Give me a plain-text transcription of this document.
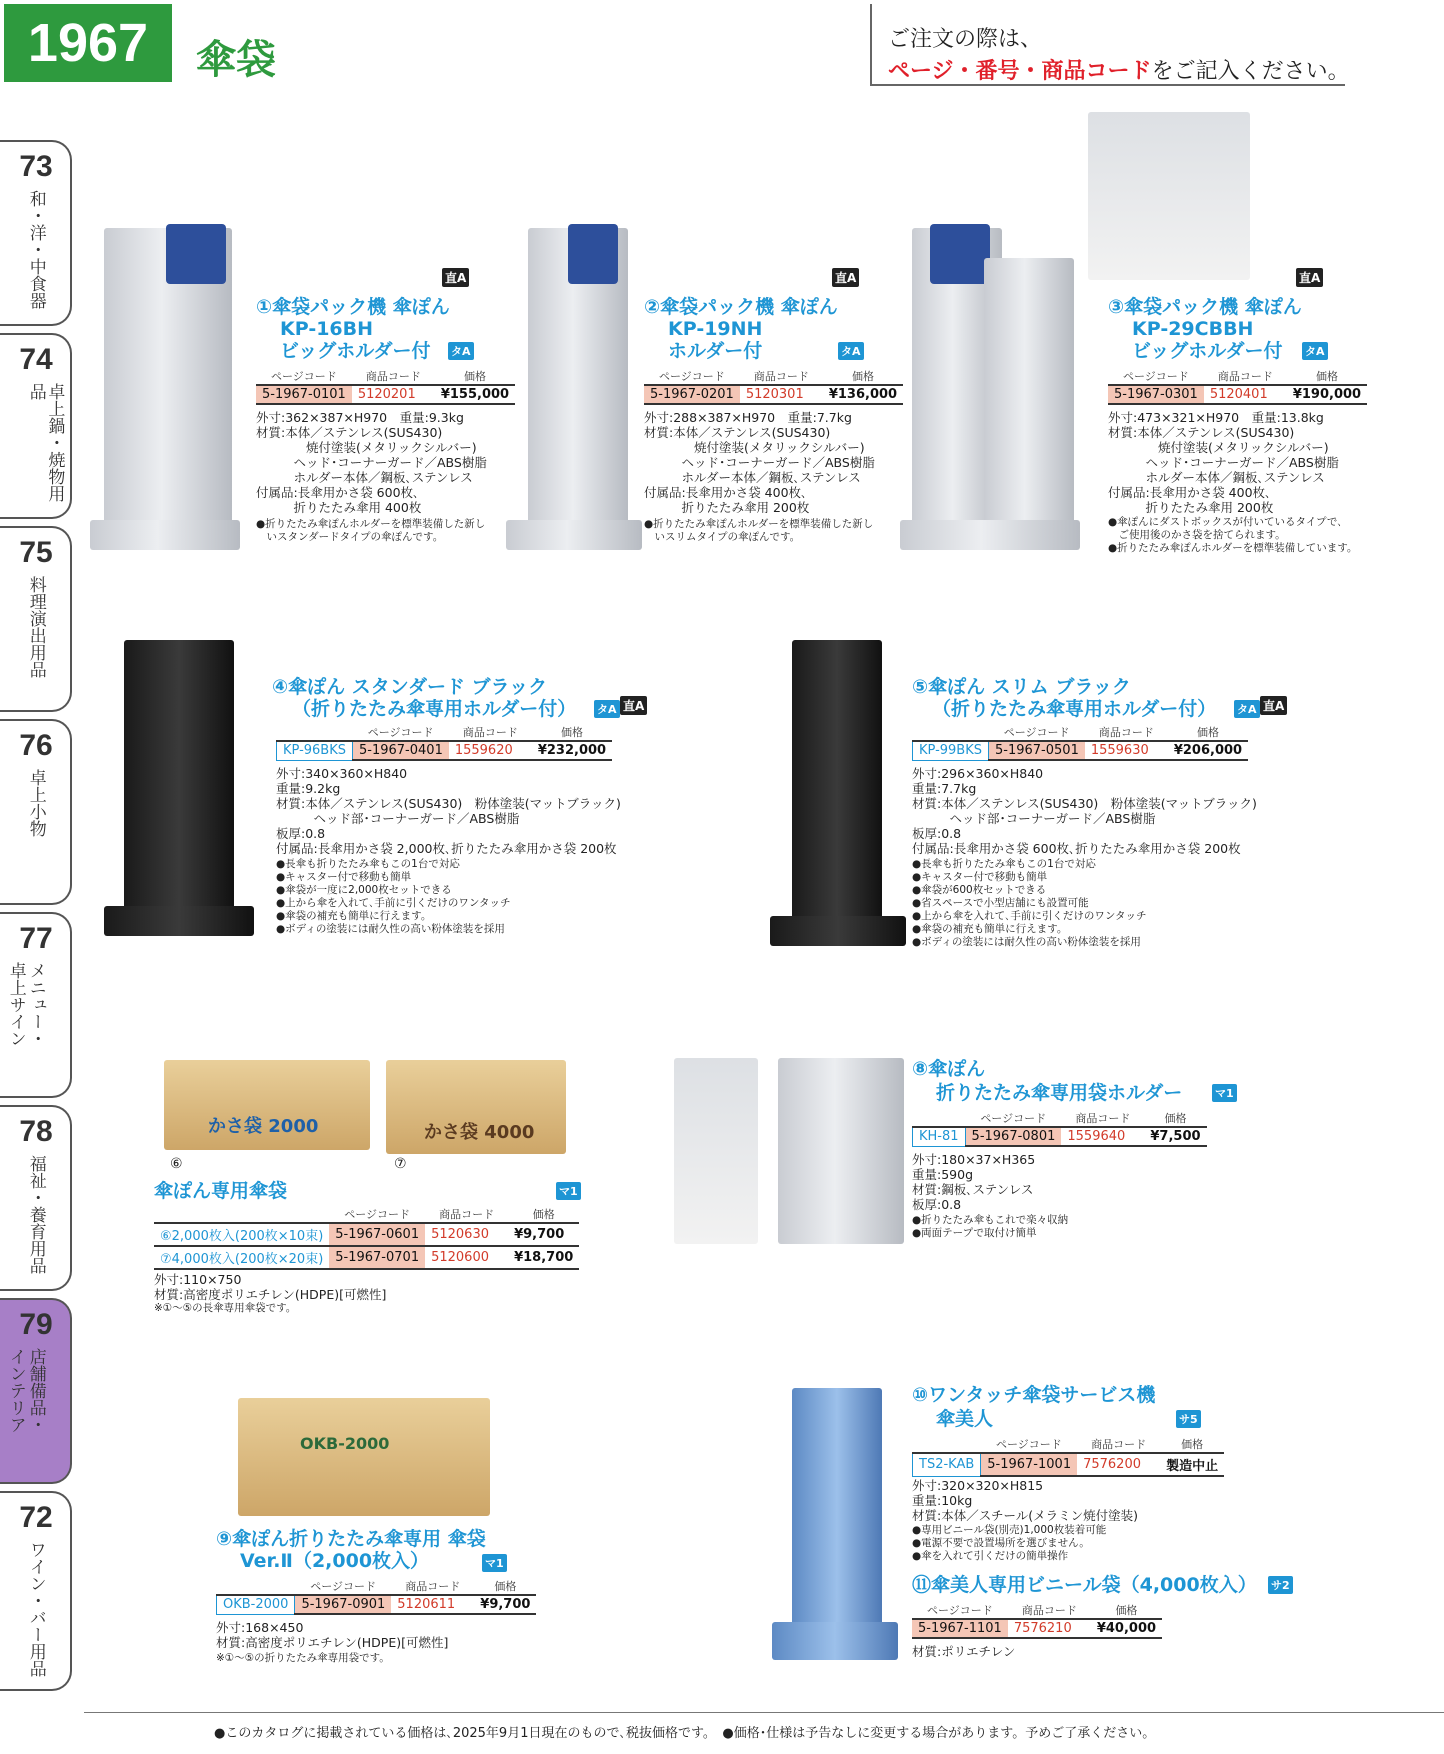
1967	傘袋	ご注文の際は、
ページ・番号・商品コードをご記入ください。
73
和・洋・中食器
74
卓上鍋・焼物用品
75
料理演出用品
76
卓上小物
77
メニュー・
卓上サイン
78
福祉・養育用品
79
店舗備品・
インテリア
72
ワイン・バー用品
直A
①傘袋パック機 傘ぽん
KP-16BH
ビッグホルダー付 タA
ページコード	商品コード	価格
5-1967-0101	5120201	¥155,000
外寸:362×387×H970　重量:9.3kg
材質:本体／ステンレス(SUS430)
　　　　焼付塗装(メタリックシルバー)
　　　ヘッド･コーナーガード／ABS樹脂
　　　ホルダー本体／鋼板､ステンレス
付属品:長傘用かさ袋 600枚､
　　　折りたたみ傘用 400枚
●折りたたみ傘ぽんホルダーを標準装備した新し
　いスタンダードタイプの傘ぽんです。
直A
②傘袋パック機 傘ぽん
KP-19NH
ホルダー付	タA
ページコード	商品コード	価格
5-1967-0201	5120301	¥136,000
外寸:288×387×H970　重量:7.7kg
材質:本体／ステンレス(SUS430)
　　　　焼付塗装(メタリックシルバー)
　　　ヘッド･コーナーガード／ABS樹脂
　　　ホルダー本体／鋼板､ステンレス
付属品:長傘用かさ袋 400枚､
　　　折りたたみ傘用 200枚
●折りたたみ傘ぽんホルダーを標準装備した新し
　いスリムタイプの傘ぽんです。
直A
③傘袋パック機 傘ぽん
KP-29CBBH
ビッグホルダー付 タA
ページコード	商品コード	価格
5-1967-0301	5120401	¥190,000
外寸:473×321×H970　重量:13.8kg
材質:本体／ステンレス(SUS430)
　　　　焼付塗装(メタリックシルバー)
　　　ヘッド･コーナーガード／ABS樹脂
　　　ホルダー本体／鋼板､ステンレス
付属品:長傘用かさ袋 400枚､
　　　折りたたみ傘用 200枚
●傘ぽんにダストボックスが付いているタイプで､
　ご使用後のかさ袋を捨てられます。
●折りたたみ傘ぽんホルダーを標準装備しています。
④傘ぽん スタンダード ブラック
（折りたたみ傘専用ホルダー付） タA 直A
	ページコード	商品コード	価格
KP-96BKS	5-1967-0401	1559620	¥232,000
外寸:340×360×H840
重量:9.2kg
材質:本体／ステンレス(SUS430)　粉体塗装(マットブラック)
　　　ヘッド部･コーナーガード／ABS樹脂
板厚:0.8
付属品:長傘用かさ袋 2,000枚､折りたたみ傘用かさ袋 200枚
●長傘も折りたたみ傘もこの1台で対応
●キャスター付で移動も簡単
●傘袋が一度に2,000枚セットできる
●上から傘を入れて､手前に引くだけのワンタッチ
●傘袋の補充も簡単に行えます。
●ボディの塗装には耐久性の高い粉体塗装を採用
⑤傘ぽん スリム ブラック
（折りたたみ傘専用ホルダー付） タA 直A
	ページコード	商品コード	価格
KP-99BKS	5-1967-0501	1559630	¥206,000
外寸:296×360×H840
重量:7.7kg
材質:本体／ステンレス(SUS430)　粉体塗装(マットブラック)
　　　ヘッド部･コーナーガード／ABS樹脂
板厚:0.8
付属品:長傘用かさ袋 600枚､折りたたみ傘用かさ袋 200枚
●長傘も折りたたみ傘もこの1台で対応
●キャスター付で移動も簡単
●傘袋が600枚セットできる
●省スペースで小型店舗にも設置可能
●上から傘を入れて､手前に引くだけのワンタッチ
●傘袋の補充も簡単に行えます。
●ボディの塗装には耐久性の高い粉体塗装を採用
かさ袋 2000	かさ袋 4000
⑥	⑦
傘ぽん専用傘袋	マ1
	ページコード	商品コード	価格
⑥2,000枚入(200枚×10束)	5-1967-0601	5120630	¥9,700
⑦4,000枚入(200枚×20束)	5-1967-0701	5120600	¥18,700
外寸:110×750
材質:高密度ポリエチレン(HDPE)[可燃性]
※①～⑤の長傘専用傘袋です。
⑧傘ぽん
折りたたみ傘専用袋ホルダー	マ1
	ページコード	商品コード	価格
KH-81	5-1967-0801	1559640	¥7,500
外寸:180×37×H365
重量:590g
材質:鋼板､ステンレス
板厚:0.8
●折りたたみ傘もこれで楽々収納
●両面テープで取付け簡単
OKB-2000
⑨傘ぽん折りたたみ傘専用 傘袋
Ver.Ⅱ（2,000枚入）	マ1
	ページコード	商品コード	価格
OKB-2000	5-1967-0901	5120611	¥9,700
外寸:168×450
材質:高密度ポリエチレン(HDPE)[可燃性]
※①～⑤の折りたたみ傘専用袋です。
⑩ワンタッチ傘袋サービス機
傘美人	サ5
	ページコード	商品コード	価格
TS2-KAB	5-1967-1001	7576200	製造中止
外寸:320×320×H815
重量:10kg
材質:本体／スチール(メラミン焼付塗装)
●専用ビニール袋(別売)1,000枚装着可能
●電源不要で設置場所を選びません。
●傘を入れて引くだけの簡単操作
⑪傘美人専用ビニール袋（4,000枚入） サ2
ページコード	商品コード	価格
5-1967-1101	7576210	¥40,000
材質:ポリエチレン
●このカタログに掲載されている価格は､2025年9月1日現在のもので､税抜価格です。　●価格･仕様は予告なしに変更する場合があります。予めご了承ください。
